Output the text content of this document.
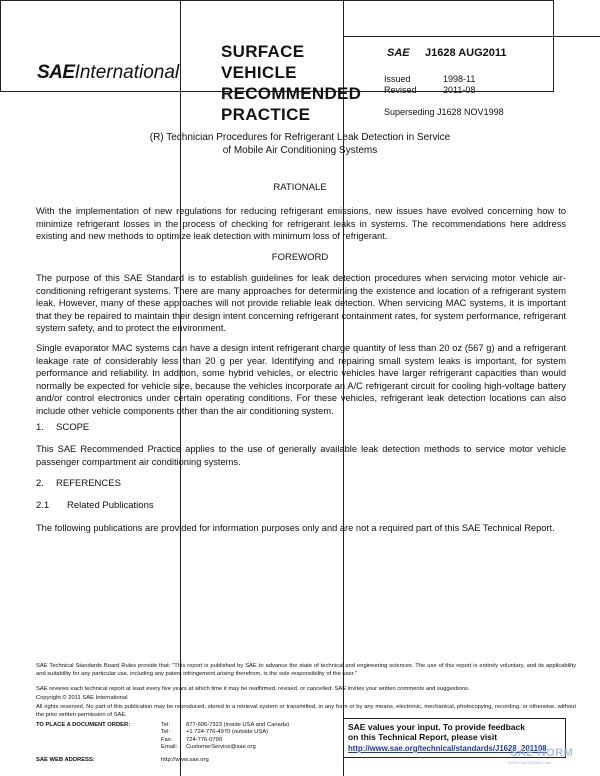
SAEInternational
SURFACE
VEHICLE
RECOMMENDED
PRACTICE
SAE J1628 AUG2011
Issued	1998-11
Revised	2011-08
Superseding J1628 NOV1998
(R) Technician Procedures for Refrigerant Leak Detection in Service
of Mobile Air Conditioning Systems
RATIONALE
With the implementation of new regulations for reducing refrigerant emissions, new issues have evolved concerning how to minimize refrigerant losses in the process of checking for refrigerant leaks in systems. The recommendations here address existing and new methods to optimize leak detection with minimum loss of refrigerant.
FOREWORD
The purpose of this SAE Standard is to establish guidelines for leak detection procedures when servicing motor vehicle air-conditioning refrigerant systems. There are many approaches for determining the existence and location of a refrigerant system leak. However, many of these approaches will not provide reliable leak detection. When servicing MAC systems, it is important that they be repaired to maintain their design intent concerning refrigerant containment rates, for system performance, refrigerant system safety, and to protect the environment.
Single evaporator MAC systems can have a design intent refrigerant charge quantity of less than 20 oz (567 g) and a refrigerant leakage rate of considerably less than 20 g per year. Identifying and repairing small system leaks is important, for system performance and reliability. In addition, some hybrid vehicles, or electric vehicles have larger refrigerant capacities than would normally be expected for vehicle size, because the vehicles incorporate an A/C refrigerant circuit for cooling high-voltage battery and/or control electronics under certain operating conditions. For these vehicles, refrigerant leak detection locations can also include other vehicle components other than the air conditioning system.
1. SCOPE
This SAE Recommended Practice applies to the use of generally available leak detection methods to service motor vehicle passenger compartment air conditioning systems.
2. REFERENCES
2.1 Related Publications
The following publications are provided for information purposes only and are not a required part of this SAE Technical Report.
SAE Technical Standards Board Rules provide that: "This report is published by SAE to advance the state of technical and engineering sciences. The use of this report is entirely voluntary, and its applicability and suitability for any particular use, including any patent infringement arising therefrom, is the sole responsibility of the user."
SAE reviews each technical report at least every five years at which time it may be reaffirmed, revised, or cancelled. SAE invites your written comments and suggestions.
Copyright © 2011 SAE International
All rights reserved. No part of this publication may be reproduced, stored in a retrieval system or transmitted, in any form or by any means, electronic, mechanical, photocopying, recording, or otherwise, without the prior written permission of SAE.
TO PLACE A DOCUMENT ORDER:
SAE WEB ADDRESS:
Tel:
Tel:
Fax:
Email:
877-606-7323 (inside USA and Canada)
+1 724-776-4970 (outside USA)
724-776-0790
CustomerService@sae.org
http://www.sae.org
SAE values your input. To provide feedback
on this Technical Report, please visit
http://www.sae.org/technical/standards/J1628_201108
SAE NORM
WWW.SAENORM.COM
